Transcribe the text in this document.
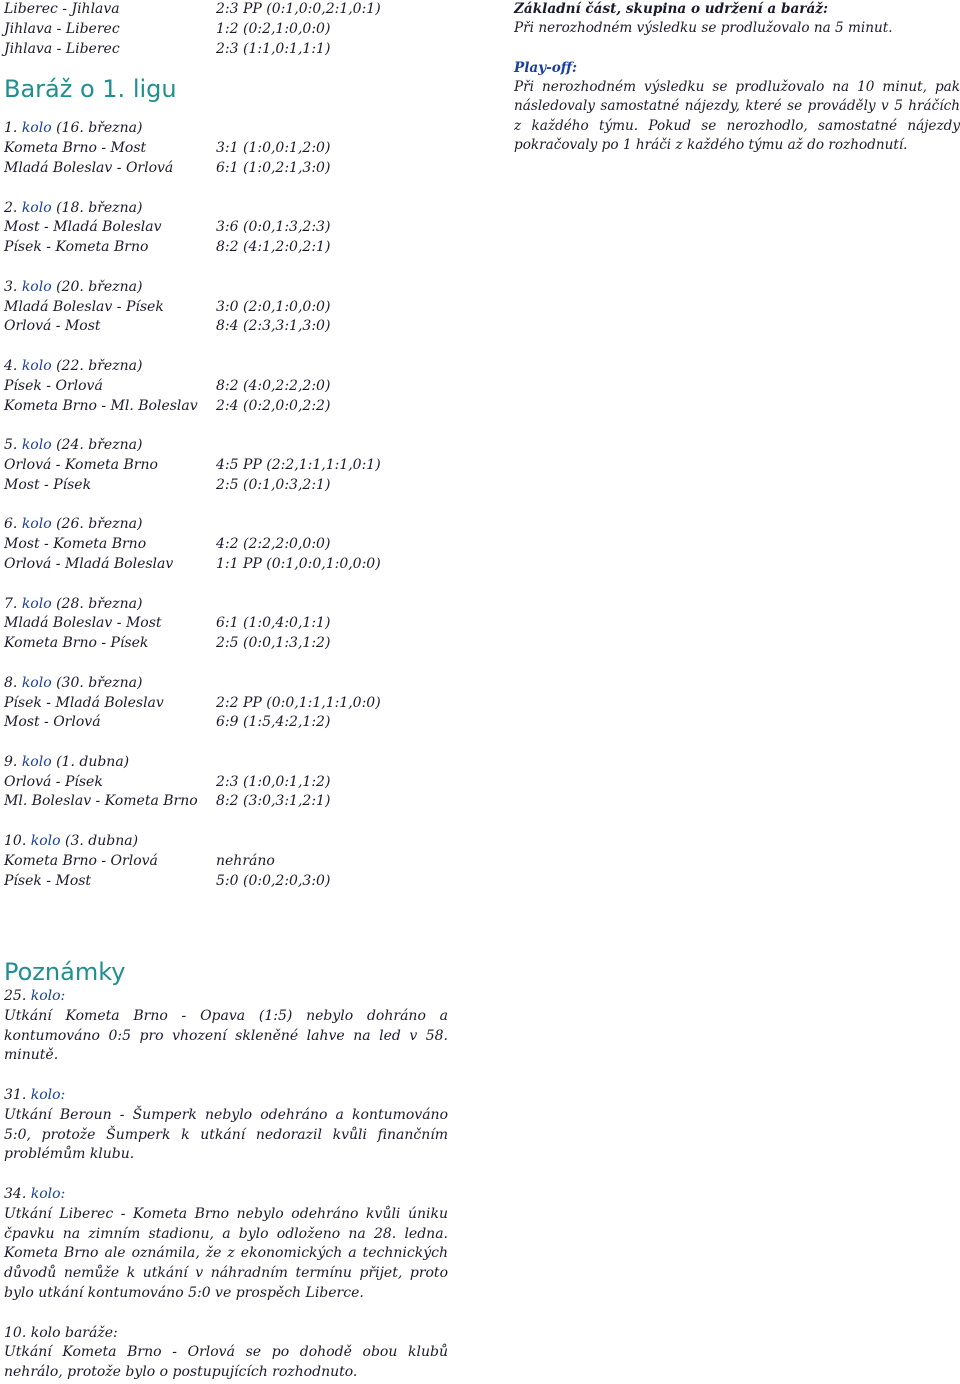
Liberec - Jihlava	2:3 PP (0:1,0:0,2:1,0:1)
Jihlava - Liberec	1:2 (0:2,1:0,0:0)
Jihlava - Liberec	2:3 (1:1,0:1,1:1)
Baráž o 1. ligu
1. kolo (16. března)
Kometa Brno - Most	3:1 (1:0,0:1,2:0)
Mladá Boleslav - Orlová	6:1 (1:0,2:1,3:0)
2. kolo (18. března)
Most - Mladá Boleslav	3:6 (0:0,1:3,2:3)
Písek - Kometa Brno	8:2 (4:1,2:0,2:1)
3. kolo (20. března)
Mladá Boleslav - Písek	3:0 (2:0,1:0,0:0)
Orlová - Most	8:4 (2:3,3:1,3:0)
4. kolo (22. března)
Písek - Orlová	8:2 (4:0,2:2,2:0)
Kometa Brno - Ml. Boleslav	2:4 (0:2,0:0,2:2)
5. kolo (24. března)
Orlová - Kometa Brno	4:5 PP (2:2,1:1,1:1,0:1)
Most - Písek	2:5 (0:1,0:3,2:1)
6. kolo (26. března)
Most - Kometa Brno	4:2 (2:2,2:0,0:0)
Orlová - Mladá Boleslav	1:1 PP (0:1,0:0,1:0,0:0)
7. kolo (28. března)
Mladá Boleslav - Most	6:1 (1:0,4:0,1:1)
Kometa Brno - Písek	2:5 (0:0,1:3,1:2)
8. kolo (30. března)
Písek - Mladá Boleslav	2:2 PP (0:0,1:1,1:1,0:0)
Most - Orlová	6:9 (1:5,4:2,1:2)
9. kolo (1. dubna)
Orlová - Písek	2:3 (1:0,0:1,1:2)
Ml. Boleslav - Kometa Brno	8:2 (3:0,3:1,2:1)
10. kolo (3. dubna)
Kometa Brno - Orlová	nehráno
Písek - Most	5:0 (0:0,2:0,3:0)
Poznámky
25. kolo:

Utkání Kometa Brno - Opava (1:5) nebylo dohráno a kontumováno 0:5 pro vhození skleněné lahve na led v 58. minutě.

31. kolo:

Utkání Beroun - Šumperk nebylo odehráno a kontumováno 5:0, protože Šumperk k utkání nedorazil kvůli finančním problémům klubu.

34. kolo:

Utkání Liberec - Kometa Brno nebylo odehráno kvůli úniku čpavku na zimním stadionu, a bylo odloženo na 28. ledna. Kometa Brno ale oznámila, že z ekonomických a technických důvodů nemůže k utkání v náhradním termínu přijet, proto bylo utkání kontumováno 5:0 ve prospěch Liberce.

10. kolo baráže:

Utkání Kometa Brno - Orlová se po dohodě obou klubů nehrálo, protože bylo o postupujících rozhodnuto.

Základní část, skupina o udržení a baráž:

Při nerozhodném výsledku se prodlužovalo na 5 minut.

Play-off:

Při nerozhodném výsledku se prodlužovalo na 10 minut, pak následovaly samostatné nájezdy, které se prováděly v 5 hráčích z každého týmu. Pokud se nerozhodlo, samostatné nájezdy pokračovaly po 1 hráči z každého týmu až do rozhodnutí.
